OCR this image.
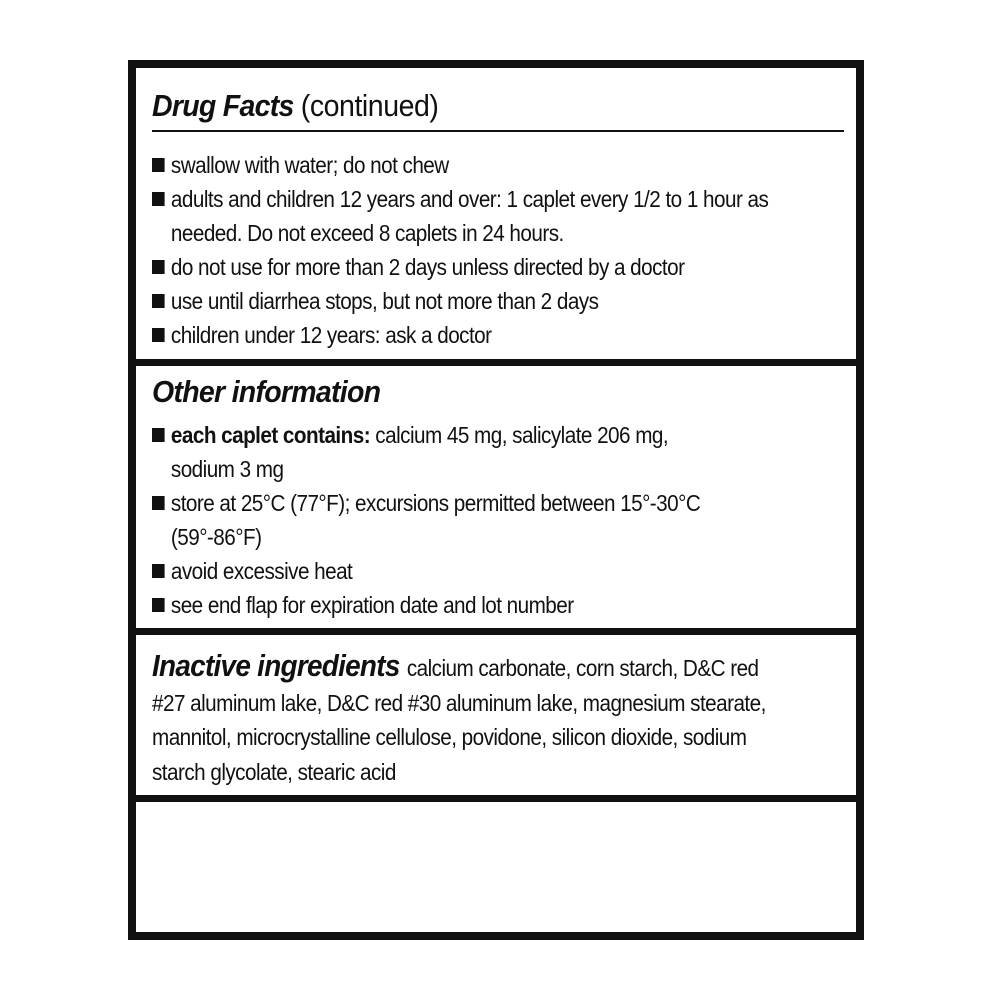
Drug Facts (continued)
swallow with water; do not chew
adults and children 12 years and over: 1 caplet every 1/2 to 1 hour as
needed. Do not exceed 8 caplets in 24 hours.
do not use for more than 2 days unless directed by a doctor
use until diarrhea stops, but not more than 2 days
children under 12 years: ask a doctor
Other information
each caplet contains: calcium 45 mg, salicylate 206 mg,
sodium 3 mg
store at 25°C (77°F); excursions permitted between 15°-30°C
(59°-86°F)
avoid excessive heat
see end flap for expiration date and lot number
Inactive ingredients calcium carbonate, corn starch, D&C red
#27 aluminum lake, D&C red #30 aluminum lake, magnesium stearate,
mannitol, microcrystalline cellulose, povidone, silicon dioxide, sodium
starch glycolate, stearic acid
